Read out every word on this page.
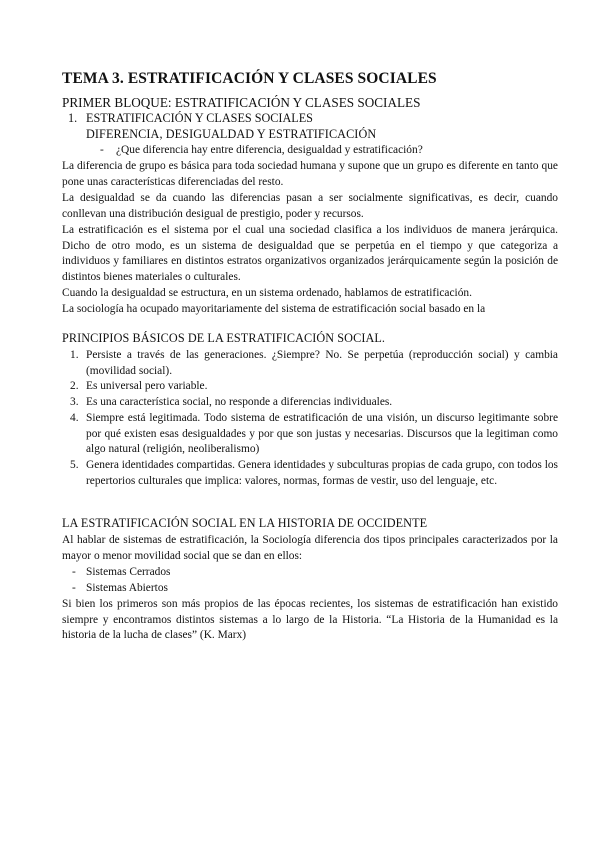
TEMA 3. ESTRATIFICACIÓN Y CLASES SOCIALES
PRIMER BLOQUE: ESTRATIFICACIÓN Y CLASES SOCIALES
1. ESTRATIFICACIÓN Y CLASES SOCIALES
DIFERENCIA, DESIGUALDAD Y ESTRATIFICACIÓN
- ¿Que diferencia hay entre diferencia, desigualdad y estratificación?
La diferencia de grupo es básica para toda sociedad humana y supone que un grupo es diferente en tanto que pone unas características diferenciadas del resto.
La desigualdad se da cuando las diferencias pasan a ser socialmente significativas, es decir, cuando conllevan una distribución desigual de prestigio, poder y recursos.
La estratificación es el sistema por el cual una sociedad clasifica a los individuos de manera jerárquica. Dicho de otro modo, es un sistema de desigualdad que se perpetúa en el tiempo y que categoriza a individuos y familiares en distintos estratos organizativos organizados jerárquicamente según la posición de distintos bienes materiales o culturales.
Cuando la desigualdad se estructura, en un sistema ordenado, hablamos de estratificación.
La sociología ha ocupado mayoritariamente del sistema de estratificación social basado en la
PRINCIPIOS BÁSICOS DE LA ESTRATIFICACIÓN SOCIAL.
1. Persiste a través de las generaciones. ¿Siempre? No. Se perpetúa (reproducción social) y cambia (movilidad social).
2. Es universal pero variable.
3. Es una característica social, no responde a diferencias individuales.
4. Siempre está legitimada. Todo sistema de estratificación de una visión, un discurso legitimante sobre por qué existen esas desigualdades y por que son justas y necesarias. Discursos que la legitiman como algo natural (religión, neoliberalismo)
5. Genera identidades compartidas. Genera identidades y subculturas propias de cada grupo, con todos los repertorios culturales que implica: valores, normas, formas de vestir, uso del lenguaje, etc.
LA ESTRATIFICACIÓN SOCIAL EN LA HISTORIA DE OCCIDENTE
Al hablar de sistemas de estratificación, la Sociología diferencia dos tipos principales caracterizados por la mayor o menor movilidad social que se dan en ellos:
- Sistemas Cerrados
- Sistemas Abiertos
Si bien los primeros son más propios de las épocas recientes, los sistemas de estratificación han existido siempre y encontramos distintos sistemas a lo largo de la Historia. “La Historia de la Humanidad es la historia de la lucha de clases” (K. Marx)
